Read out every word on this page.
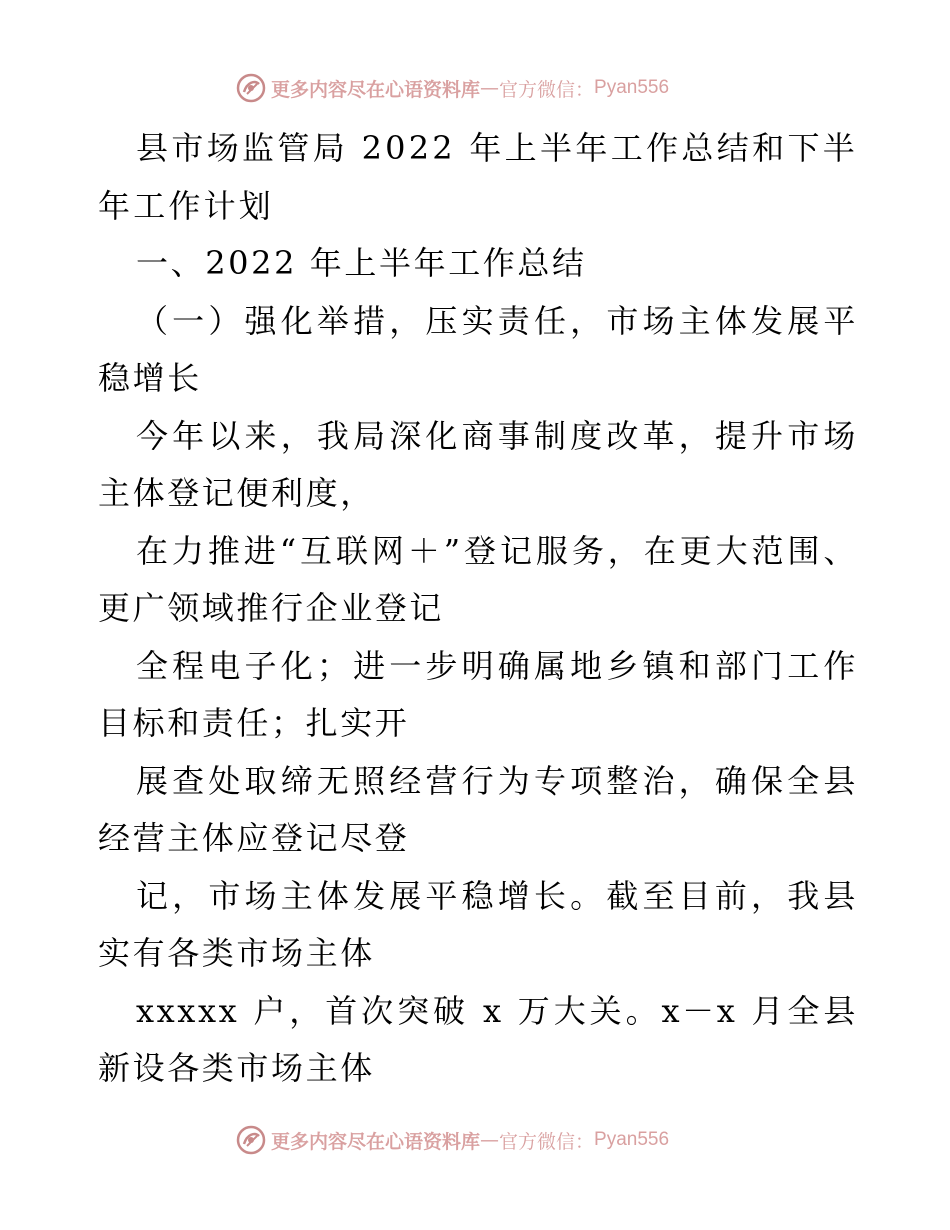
更多内容尽在心语资料库 — 官方微信： Pyan556

县市场监管局 2022 年上半年工作总结和下半年工作计划

一、2022 年上半年工作总结

（一）强化举措，压实责任，市场主体发展平稳增长

今年以来，我局深化商事制度改革，提升市场主体登记便利度，

在力推进“互联网＋”登记服务，在更大范围、更广领域推行企业登记

全程电子化；进一步明确属地乡镇和部门工作目标和责任；扎实开

展查处取缔无照经营行为专项整治，确保全县经营主体应登记尽登

记，市场主体发展平稳增长。截至目前，我县实有各类市场主体

xxxxx 户，首次突破 x 万大关。x－x 月全县新设各类市场主体

更多内容尽在心语资料库 — 官方微信： Pyan556
